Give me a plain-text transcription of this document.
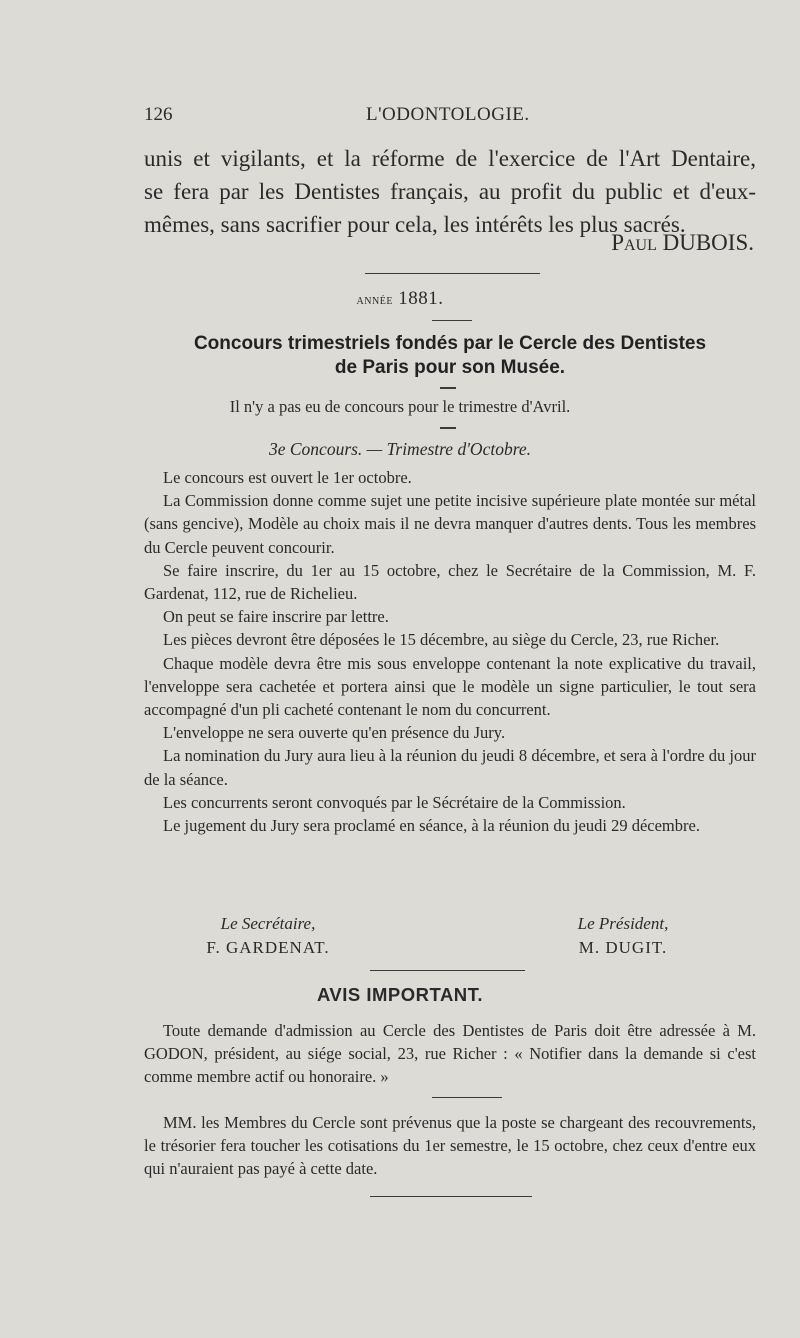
126	L'ODONTOLOGIE.
unis et vigilants, et la réforme de l'exercice de l'Art Dentaire,
se fera par les Dentistes français, au profit du public et d'eux-
mêmes, sans sacrifier pour cela, les intérêts les plus sacrés.
Paul DUBOIS.
année 1881.
Concours trimestriels fondés par le Cercle des Dentistes
de Paris pour son Musée.
Il n'y a pas eu de concours pour le trimestre d'Avril.
3e Concours. — Trimestre d'Octobre.

Le concours est ouvert le 1er octobre.

La Commission donne comme sujet une petite incisive supérieure plate montée sur métal (sans gencive), Modèle au choix mais il ne devra manquer d'autres dents. Tous les membres du Cercle peuvent concourir.

Se faire inscrire, du 1er au 15 octobre, chez le Secrétaire de la Commission, M. F. Gardenat, 112, rue de Richelieu.

On peut se faire inscrire par lettre.

Les pièces devront être déposées le 15 décembre, au siège du Cercle, 23, rue Richer.

Chaque modèle devra être mis sous enveloppe contenant la note explicative du travail, l'enveloppe sera cachetée et portera ainsi que le modèle un signe particulier, le tout sera accompagné d'un pli cacheté contenant le nom du concurrent.

L'enveloppe ne sera ouverte qu'en présence du Jury.

La nomination du Jury aura lieu à la réunion du jeudi 8 décembre, et sera à l'ordre du jour de la séance.

Les concurrents seront convoqués par le Sécrétaire de la Commission.

Le jugement du Jury sera proclamé en séance, à la réunion du jeudi 29 décembre.

Le Secrétaire,
F. GARDENAT.
Le Président,
M. DUGIT.
AVIS IMPORTANT.

Toute demande d'admission au Cercle des Dentistes de Paris doit être adressée à M. GODON, président, au siége social, 23, rue Richer : « Notifier dans la demande si c'est comme membre actif ou honoraire. »

MM. les Membres du Cercle sont prévenus que la poste se chargeant des recouvrements, le trésorier fera toucher les cotisations du 1er semestre, le 15 octobre, chez ceux d'entre eux qui n'auraient pas payé à cette date.
